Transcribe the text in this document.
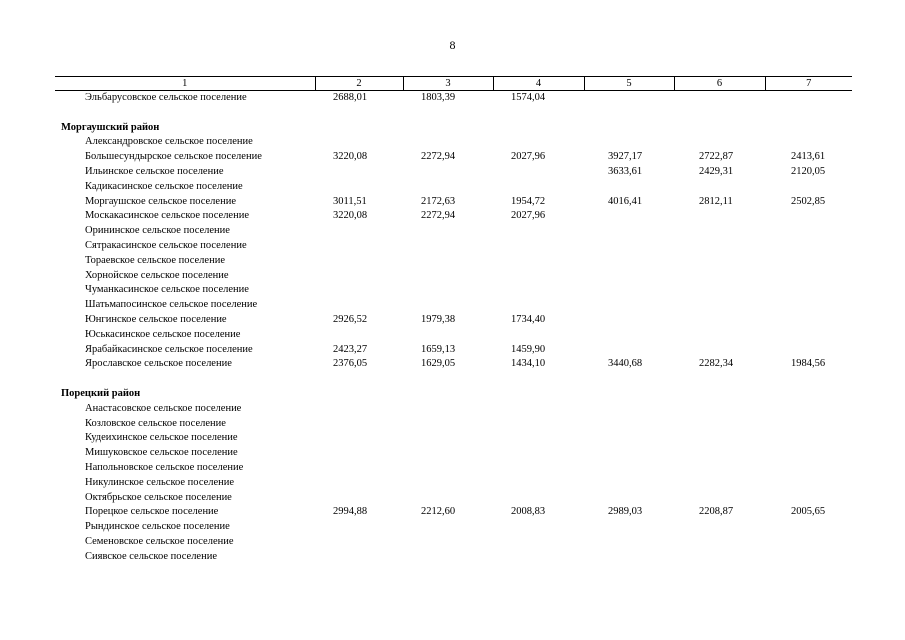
8
1	2	3	4	5	6	7
Эльбарусовское сельское поселение	2688,01	1803,39	1574,04			

Моргаушский район						
Александровское сельское поселение						
Большесундырское сельское поселение	3220,08	2272,94	2027,96	3927,17	2722,87	2413,61
Ильинское сельское поселение				3633,61	2429,31	2120,05
Кадикасинское сельское поселение						
Моргаушское сельское поселение	3011,51	2172,63	1954,72	4016,41	2812,11	2502,85
Москакасинское сельское поселение	3220,08	2272,94	2027,96			
Орининское сельское поселение						
Сятракасинское сельское поселение						
Тораевское сельское поселение						
Хорнойское сельское поселение						
Чуманкасинское сельское поселение						
Шатьмапосинское сельское поселение						
Юнгинское сельское поселение	2926,52	1979,38	1734,40			
Юськасинское сельское поселение						
Ярабайкасинское сельское поселение	2423,27	1659,13	1459,90			
Ярославское сельское поселение	2376,05	1629,05	1434,10	3440,68	2282,34	1984,56

Порецкий район						
Анастасовское сельское поселение						
Козловское сельское поселение						
Кудеихинское сельское поселение						
Мишуковское сельское поселение						
Напольновское сельское поселение						
Никулинское сельское поселение						
Октябрьское сельское поселение						
Порецкое сельское поселение	2994,88	2212,60	2008,83	2989,03	2208,87	2005,65
Рындинское сельское поселение						
Семеновское сельское поселение						
Сиявское сельское поселение						
